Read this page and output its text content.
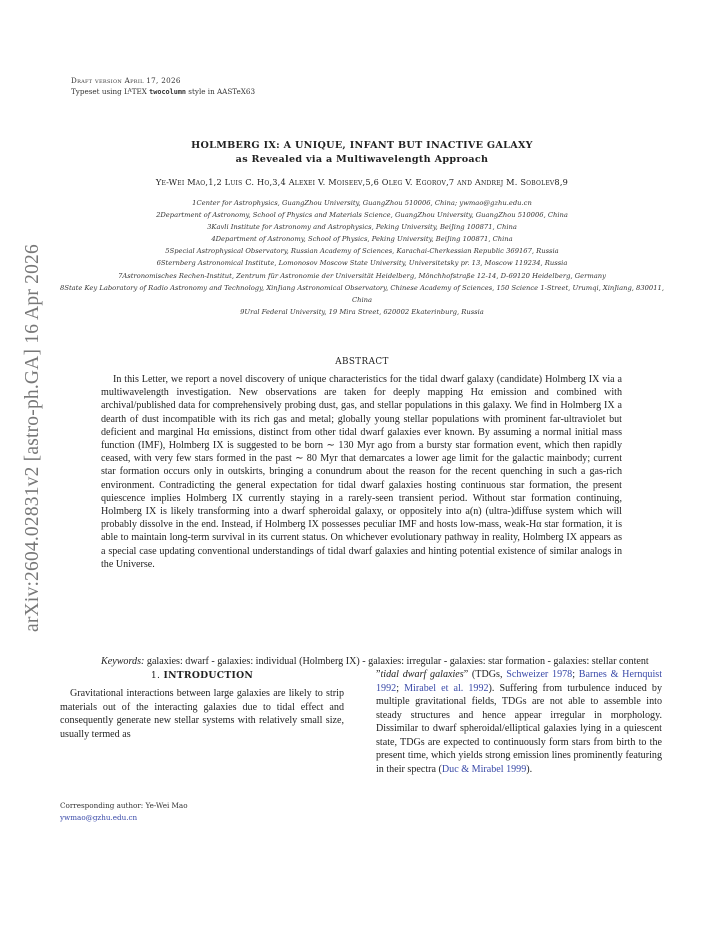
arXiv:2604.02831v2 [astro-ph.GA] 16 Apr 2026
Draft version April 17, 2026
Typeset using $L^ATEX$ twocolumn style in AASTeX63
HOLMBERG IX: A UNIQUE, INFANT BUT INACTIVE GALAXY
as Revealed via a Multiwavelength Approach
Ye-Wei Mao,1,2 Luis C. Ho,3,4 Alexei V. Moiseev,5,6 Oleg V. Egorov,7 and Andrej M. Sobolev8,9
1Center for Astrophysics, GuangZhou University, GuangZhou 510006, China; ywmao@gzhu.edu.cn
2Department of Astronomy, School of Physics and Materials Science, GuangZhou University, GuangZhou 510006, China
3Kavli Institute for Astronomy and Astrophysics, Peking University, BeiJing 100871, China
4Department of Astronomy, School of Physics, Peking University, BeiJing 100871, China
5Special Astrophysical Observatory, Russian Academy of Sciences, Karachai-Cherkessian Republic 369167, Russia
6Sternberg Astronomical Institute, Lomonosov Moscow State University, Universitetsky pr. 13, Moscow 119234, Russia
7Astronomisches Rechen-Institut, Zentrum für Astronomie der Universität Heidelberg, Mönchhofstraße 12-14, D-69120 Heidelberg, Germany
8State Key Laboratory of Radio Astronomy and Technology, XinJiang Astronomical Observatory, Chinese Academy of Sciences, 150 Science 1-Street, Urumqi, XinJiang, 830011, China
9Ural Federal University, 19 Mira Street, 620002 Ekaterinburg, Russia
ABSTRACT
In this Letter, we report a novel discovery of unique characteristics for the tidal dwarf galaxy (candidate) Holmberg IX via a multiwavelength investigation. New observations are taken for deeply mapping Hα emission and combined with archival/published data for comprehensively probing dust, gas, and stellar populations in this galaxy. We find in Holmberg IX a dearth of dust incompatible with its rich gas and metal; globally young stellar populations with prominent far-ultraviolet but deficient and marginal Hα emissions, distinct from other tidal dwarf galaxies ever known. By assuming a normal initial mass function (IMF), Holmberg IX is suggested to be born ∼ 130 Myr ago from a bursty star formation event, which then rapidly ceased, with very few stars formed in the past ∼ 80 Myr that demarcates a lower age limit for the galactic mainbody; current star formation occurs only in outskirts, bringing a conundrum about the reason for the recent quenching in such a gas-rich environment. Contradicting the general expectation for tidal dwarf galaxies hosting continuous star formation, the present quiescence implies Holmberg IX currently staying in a rarely-seen transient period. Without star formation continuing, Holmberg IX is likely transforming into a dwarf spheroidal galaxy, or oppositely into a(n) (ultra-)diffuse system which will probably dissolve in the end. Instead, if Holmberg IX possesses peculiar IMF and hosts low-mass, weak-Hα star formation, it is able to maintain long-term survival in its current status. On whichever evolutionary pathway in reality, Holmberg IX appears as a special case updating conventional understandings of tidal dwarf galaxies and hinting potential existence of similar analogs in the Universe.
Keywords: galaxies: dwarf - galaxies: individual (Holmberg IX) - galaxies: irregular - galaxies: star formation - galaxies: stellar content
1. INTRODUCTION
Gravitational interactions between large galaxies are likely to strip materials out of the interacting galaxies due to tidal effect and consequently generate new stellar systems with relatively small size, usually termed as
Corresponding author: Ye-Wei Mao
ywmao@gzhu.edu.cn
”tidal dwarf galaxies” (TDGs, Schweizer 1978; Barnes & Hernquist 1992; Mirabel et al. 1992). Suffering from turbulence induced by multiple gravitational fields, TDGs are not able to assemble into steady structures and hence appear irregular in morphology. Dissimilar to dwarf spheroidal/elliptical galaxies lying in a quiescent state, TDGs are expected to continuously form stars from birth to the present time, which yields strong emission lines prominently featuring in their spectra (Duc & Mirabel 1999).
